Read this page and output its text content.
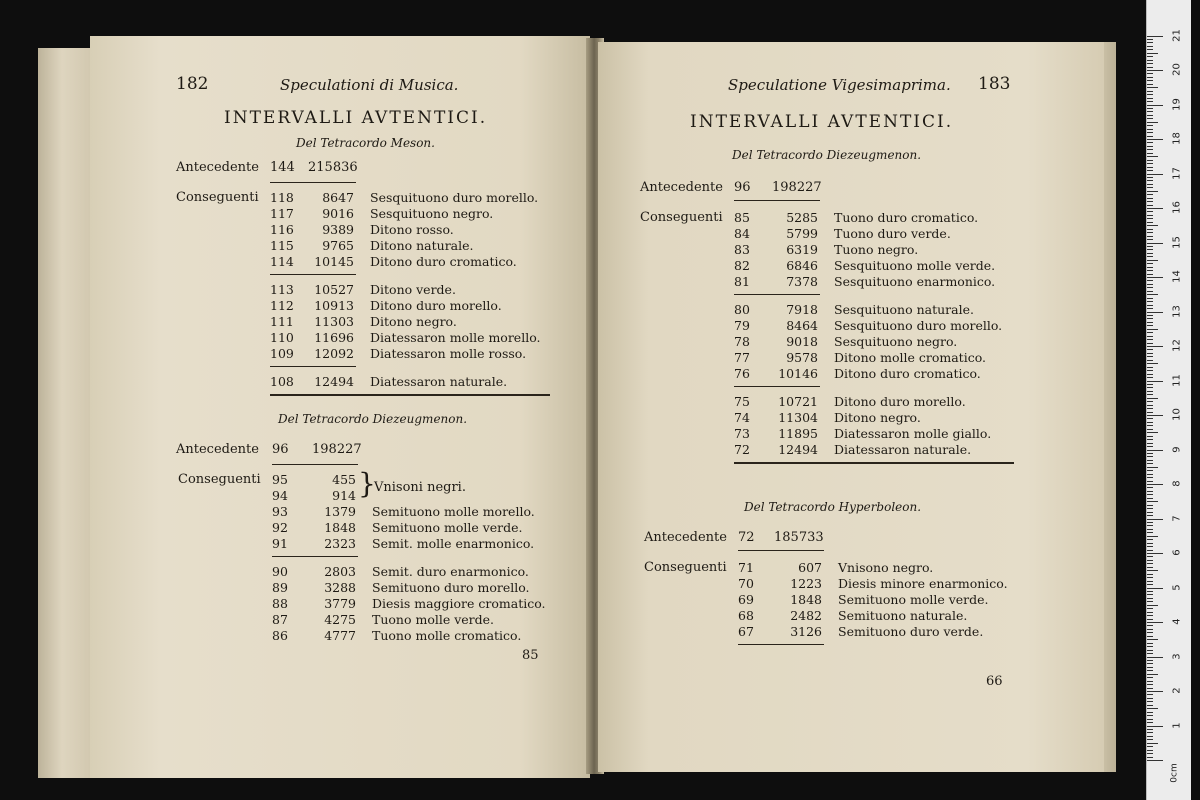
182	Speculationi di Musica.
INTERVALLI AVTENTICI.
Del Tetracordo Meson.
Antecedente 144 215836
Conseguenti 118	8647 Sesquituono duro morello.
117	9016 Sesquituono negro.
116	9389 Ditono rosso.
115	9765 Ditono naturale.
114	10145 Ditono duro cromatico.
113	10527 Ditono verde.
112	10913 Ditono duro morello.
111	11303 Ditono negro.
110	11696 Diatessaron molle morello.
109	12092 Diatessaron molle rosso.
108	12494 Diatessaron naturale.
Del Tetracordo Diezeugmenon.
Antecedente 96 198227
Conseguenti 95	455
94	914 }
Vnisoni negri.
93	1379 Semituono molle morello.
92	1848 Semituono molle verde.
91	2323 Semit. molle enarmonico.
90	2803 Semit. duro enarmonico.
89	3288 Semituono duro morello.
88	3779 Diesis maggiore cromatico.
87	4275 Tuono molle verde.
86	4777 Tuono molle cromatico.
85
Speculatione Vigesimaprima. 183
INTERVALLI AVTENTICI.
Del Tetracordo Diezeugmenon.
Antecedente 96 198227
Conseguenti 85	5285 Tuono duro cromatico.
84	5799 Tuono duro verde.
83	6319 Tuono negro.
82	6846 Sesquituono molle verde.
81	7378 Sesquituono enarmonico.
80	7918 Sesquituono naturale.
79	8464 Sesquituono duro morello.
78	9018 Sesquituono negro.
77	9578 Ditono molle cromatico.
76	10146 Ditono duro cromatico.
75	10721 Ditono duro morello.
74	11304 Ditono negro.
73	11895 Diatessaron molle giallo.
72	12494 Diatessaron naturale.
Del Tetracordo Hyperboleon.
Antecedente 72 185733
Conseguenti 71	607 Vnisono negro.
70	1223 Diesis minore enarmonico.
69	1848 Semituono molle verde.
68	2482 Semituono naturale.
67	3126 Semituono duro verde.
66
0cm
1
2
3
4
5
6
7
8
9
10
11
12
13
14
15
16
17
18
19
20
21
